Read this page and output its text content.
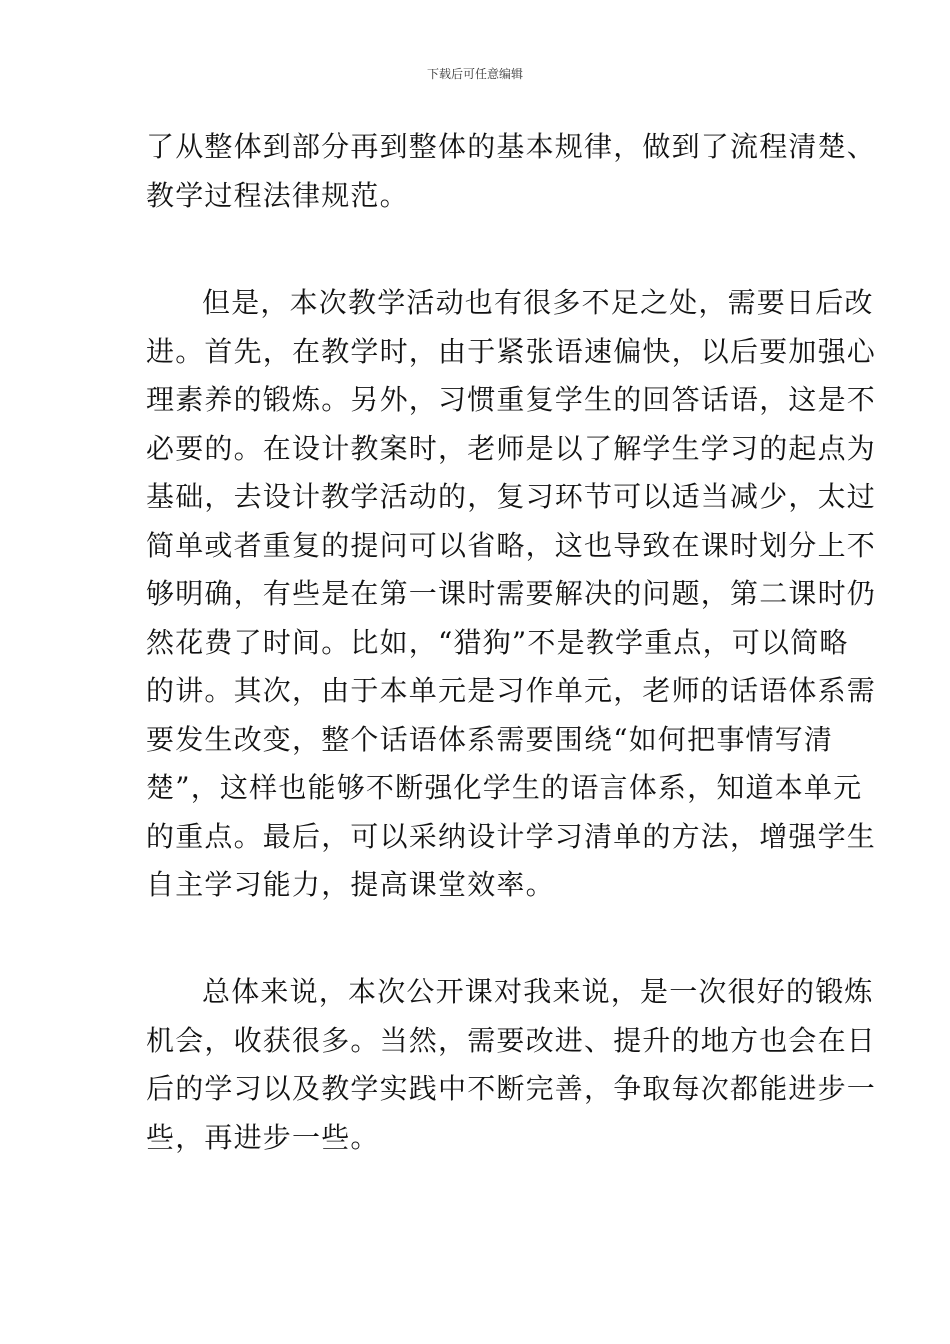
下载后可任意编辑
了从整体到部分再到整体的基本规律，做到了流程清楚、
教学过程法律规范。
但是，本次教学活动也有很多不足之处，需要日后改
进。首先，在教学时，由于紧张语速偏快，以后要加强心
理素养的锻炼。另外，习惯重复学生的回答话语，这是不
必要的。在设计教案时，老师是以了解学生学习的起点为
基础，去设计教学活动的，复习环节可以适当减少，太过
简单或者重复的提问可以省略，这也导致在课时划分上不
够明确，有些是在第一课时需要解决的问题，第二课时仍
然花费了时间。比如，“猎狗”不是教学重点，可以简略
的讲。其次，由于本单元是习作单元，老师的话语体系需
要发生改变，整个话语体系需要围绕“如何把事情写清
楚”，这样也能够不断强化学生的语言体系，知道本单元
的重点。最后，可以采纳设计学习清单的方法，增强学生
自主学习能力，提高课堂效率。
总体来说，本次公开课对我来说，是一次很好的锻炼
机会，收获很多。当然，需要改进、提升的地方也会在日
后的学习以及教学实践中不断完善，争取每次都能进步一
些，再进步一些。
